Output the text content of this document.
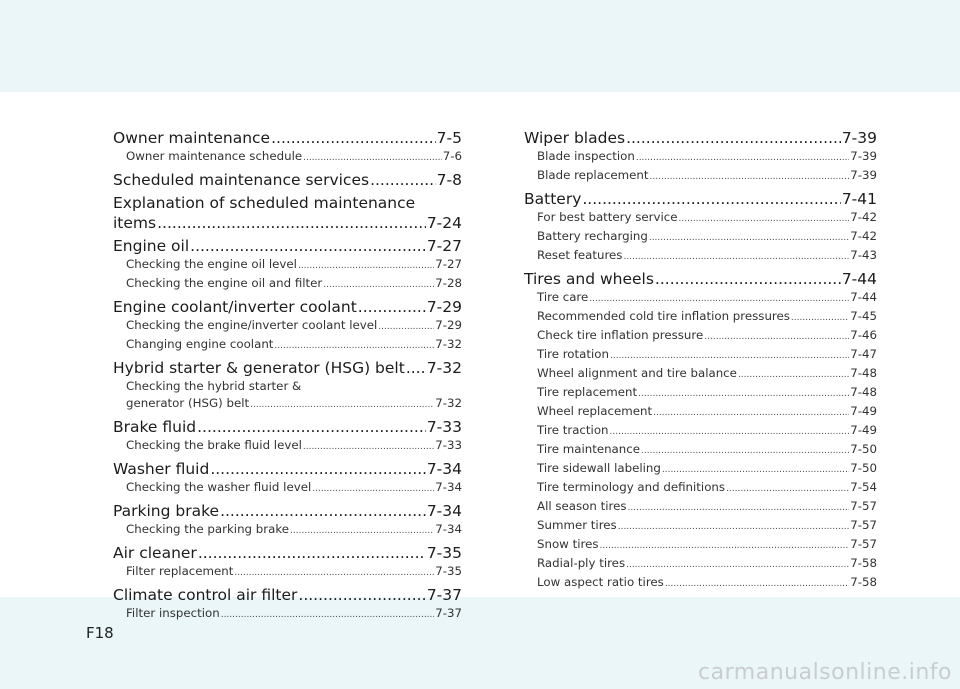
Owner maintenance .....	7-5
Owner maintenance schedule .....	7-6
Scheduled maintenance services .....	7-8
Explanation of scheduled maintenance
items .....	7-24
Engine oil .....	7-27
Checking the engine oil level .....	7-27
Checking the engine oil and filter .....	7-28
Engine coolant/inverter coolant .....	7-29
Checking the engine/inverter coolant level .....	7-29
Changing engine coolant .....	7-32
Hybrid starter & generator (HSG) belt ..... 7-32
Checking the hybrid starter &
generator (HSG) belt .....	7-32
Brake fluid .....	7-33
Checking the brake fluid level .....	7-33
Washer fluid .....	7-34
Checking the washer fluid level .....	7-34
Parking brake .....	7-34
Checking the parking brake .....	7-34
Air cleaner .....	7-35
Filter replacement .....	7-35
Climate control air filter .....	7-37
Filter inspection .....	7-37
Wiper blades .....	7-39
Blade inspection .....	7-39
Blade replacement .....	7-39
Battery .....	7-41
For best battery service .....	7-42
Battery recharging .....	7-42
Reset features .....	7-43
Tires and wheels .....	7-44
Tire care .....	7-44
Recommended cold tire inflation pressures .....	7-45
Check tire inflation pressure .....	7-46
Tire rotation .....	7-47
Wheel alignment and tire balance .....	7-48
Tire replacement .....	7-48
Wheel replacement .....	7-49
Tire traction .....	7-49
Tire maintenance .....	7-50
Tire sidewall labeling .....	7-50
Tire terminology and definitions .....	7-54
All season tires .....	7-57
Summer tires .....	7-57
Snow tires .....	7-57
Radial-ply tires .....	7-58
Low aspect ratio tires .....	7-58
F18
carmanualsonline.info
